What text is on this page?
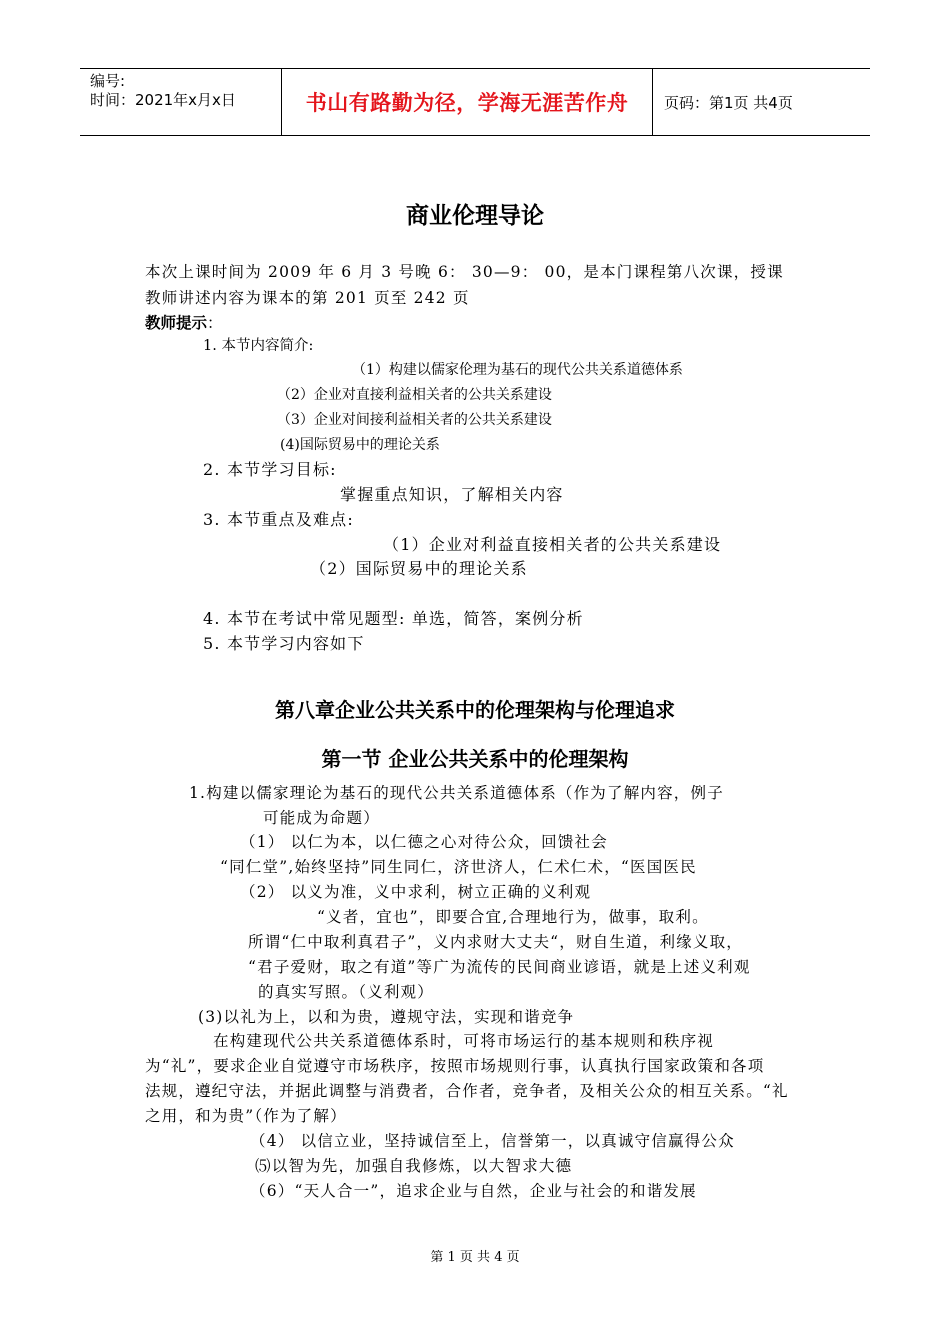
编号:
时间：2021年x月x日	书山有路勤为径，学海无涯苦作舟	页码：第1页 共4页
商业伦理导论
本次上课时间为 2009 年 6 月 3 号晚 6： 30—9： 00，是本门课程第八次课，授课
教师讲述内容为课本的第 201 页至 242 页
教师提示：
1. 本节内容简介:
（1）构建以儒家伦理为基石的现代公共关系道德体系
（2）企业对直接利益相关者的公共关系建设
（3）企业对间接利益相关者的公共关系建设
(4)国际贸易中的理论关系
2. 本节学习目标:
掌握重点知识，了解相关内容
3. 本节重点及难点:
（1）企业对利益直接相关者的公共关系建设
（2）国际贸易中的理论关系
4. 本节在考试中常见题型: 单选，简答，案例分析
5. 本节学习内容如下
第八章企业公共关系中的伦理架构与伦理追求
第一节 企业公共关系中的伦理架构
1.构建以儒家理论为基石的现代公共关系道德体系（作为了解内容，例子
可能成为命题）
（1） 以仁为本，以仁德之心对待公众，回馈社会
“同仁堂”,始终坚持”同生同仁，济世济人，仁术仁术，“医国医民
（2） 以义为准，义中求利，树立正确的义利观
“义者，宜也”，即要合宜,合理地行为，做事，取利。
所谓“仁中取利真君子”，义内求财大丈夫“，财自生道，利缘义取，
“君子爱财，取之有道”等广为流传的民间商业谚语，就是上述义利观
的真实写照。（义利观）
(3)以礼为上，以和为贵，遵规守法，实现和谐竞争
在构建现代公共关系道德体系时，可将市场运行的基本规则和秩序视
为“礼”，要求企业自觉遵守市场秩序，按照市场规则行事，认真执行国家政策和各项
法规，遵纪守法，并据此调整与消费者，合作者，竞争者，及相关公众的相互关系。“礼
之用，和为贵”（作为了解）
（4） 以信立业，坚持诚信至上，信誉第一，以真诚守信赢得公众
⑸以智为先，加强自我修炼，以大智求大德
（6）“天人合一”，追求企业与自然，企业与社会的和谐发展
第 1 页 共 4 页
